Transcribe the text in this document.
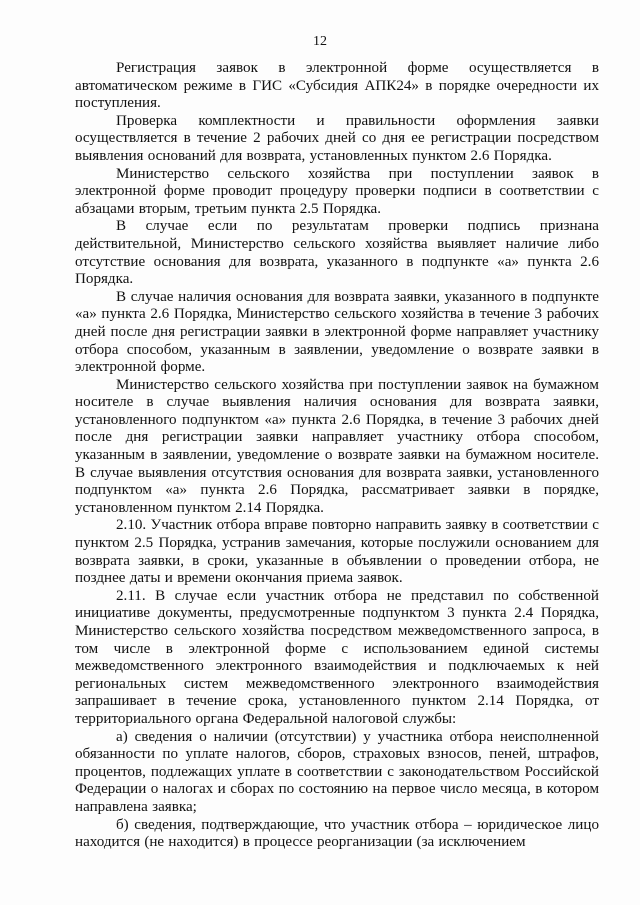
12

Регистрация заявок в электронной форме осуществляется в автоматическом режиме в ГИС «Субсидия АПК24» в порядке очередности их поступления.

Проверка комплектности и правильности оформления заявки осуществляется в течение 2 рабочих дней со дня ее регистрации посредством выявления оснований для возврата, установленных пунктом 2.6 Порядка.

Министерство сельского хозяйства при поступлении заявок в электронной форме проводит процедуру проверки подписи в соответствии с абзацами вторым, третьим пункта 2.5 Порядка.

В случае если по результатам проверки подпись признана действительной, Министерство сельского хозяйства выявляет наличие либо отсутствие основания для возврата, указанного в подпункте «а» пункта 2.6 Порядка.

В случае наличия основания для возврата заявки, указанного в подпункте «а» пункта 2.6 Порядка, Министерство сельского хозяйства в течение 3 рабочих дней после дня регистрации заявки в электронной форме направляет участнику отбора способом, указанным в заявлении, уведомление о возврате заявки в электронной форме.

Министерство сельского хозяйства при поступлении заявок на бумажном носителе в случае выявления наличия основания для возврата заявки, установленного подпунктом «а» пункта 2.6 Порядка, в течение 3 рабочих дней после дня регистрации заявки направляет участнику отбора способом, указанным в заявлении, уведомление о возврате заявки на бумажном носителе. В случае выявления отсутствия основания для возврата заявки, установленного подпунктом «а» пункта 2.6 Порядка, рассматривает заявки в порядке, установленном пунктом 2.14 Порядка.

2.10. Участник отбора вправе повторно направить заявку в соответствии с пунктом 2.5 Порядка, устранив замечания, которые послужили основанием для возврата заявки, в сроки, указанные в объявлении о проведении отбора, не позднее даты и времени окончания приема заявок.

2.11. В случае если участник отбора не представил по собственной инициативе документы, предусмотренные подпунктом 3 пункта 2.4 Порядка, Министерство сельского хозяйства посредством межведомственного запроса, в том числе в электронной форме с использованием единой системы межведомственного электронного взаимодействия и подключаемых к ней региональных систем межведомственного электронного взаимодействия запрашивает в течение срока, установленного пунктом 2.14 Порядка, от территориального органа Федеральной налоговой службы:

а) сведения о наличии (отсутствии) у участника отбора неисполненной обязанности по уплате налогов, сборов, страховых взносов, пеней, штрафов, процентов, подлежащих уплате в соответствии с законодательством Российской Федерации о налогах и сборах по состоянию на первое число месяца, в котором направлена заявка;

б) сведения, подтверждающие, что участник отбора – юридическое лицо находится (не находится) в процессе реорганизации (за исключением
